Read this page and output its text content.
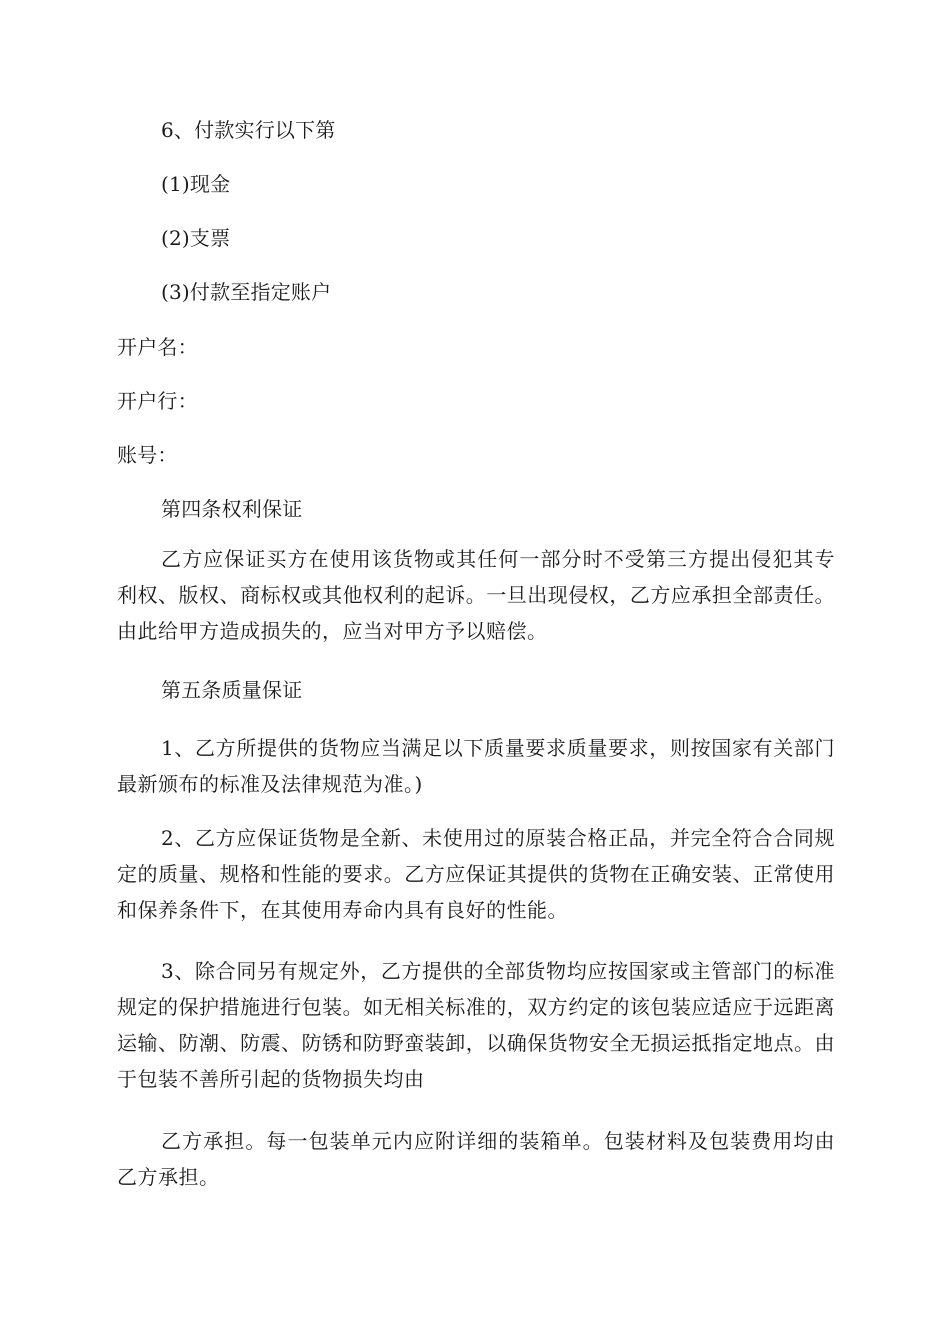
6、付款实行以下第
(1)现金
(2)支票
(3)付款至指定账户
开户名：
开户行：
账号：
第四条权利保证
乙方应保证买方在使用该货物或其任何一部分时不受第三方提出侵犯其专利权、版权、商标权或其他权利的起诉。一旦出现侵权，乙方应承担全部责任。由此给甲方造成损失的，应当对甲方予以赔偿。
第五条质量保证
1、乙方所提供的货物应当满足以下质量要求质量要求，则按国家有关部门最新颁布的标准及法律规范为准。)
2、乙方应保证货物是全新、未使用过的原装合格正品，并完全符合合同规定的质量、规格和性能的要求。乙方应保证其提供的货物在正确安装、正常使用和保养条件下，在其使用寿命内具有良好的性能。
3、除合同另有规定外，乙方提供的全部货物均应按国家或主管部门的标准规定的保护措施进行包装。如无相关标准的，双方约定的该包装应适应于远距离运输、防潮、防震、防锈和防野蛮装卸，以确保货物安全无损运抵指定地点。由于包装不善所引起的货物损失均由
乙方承担。每一包装单元内应附详细的装箱单。包装材料及包装费用均由乙方承担。
